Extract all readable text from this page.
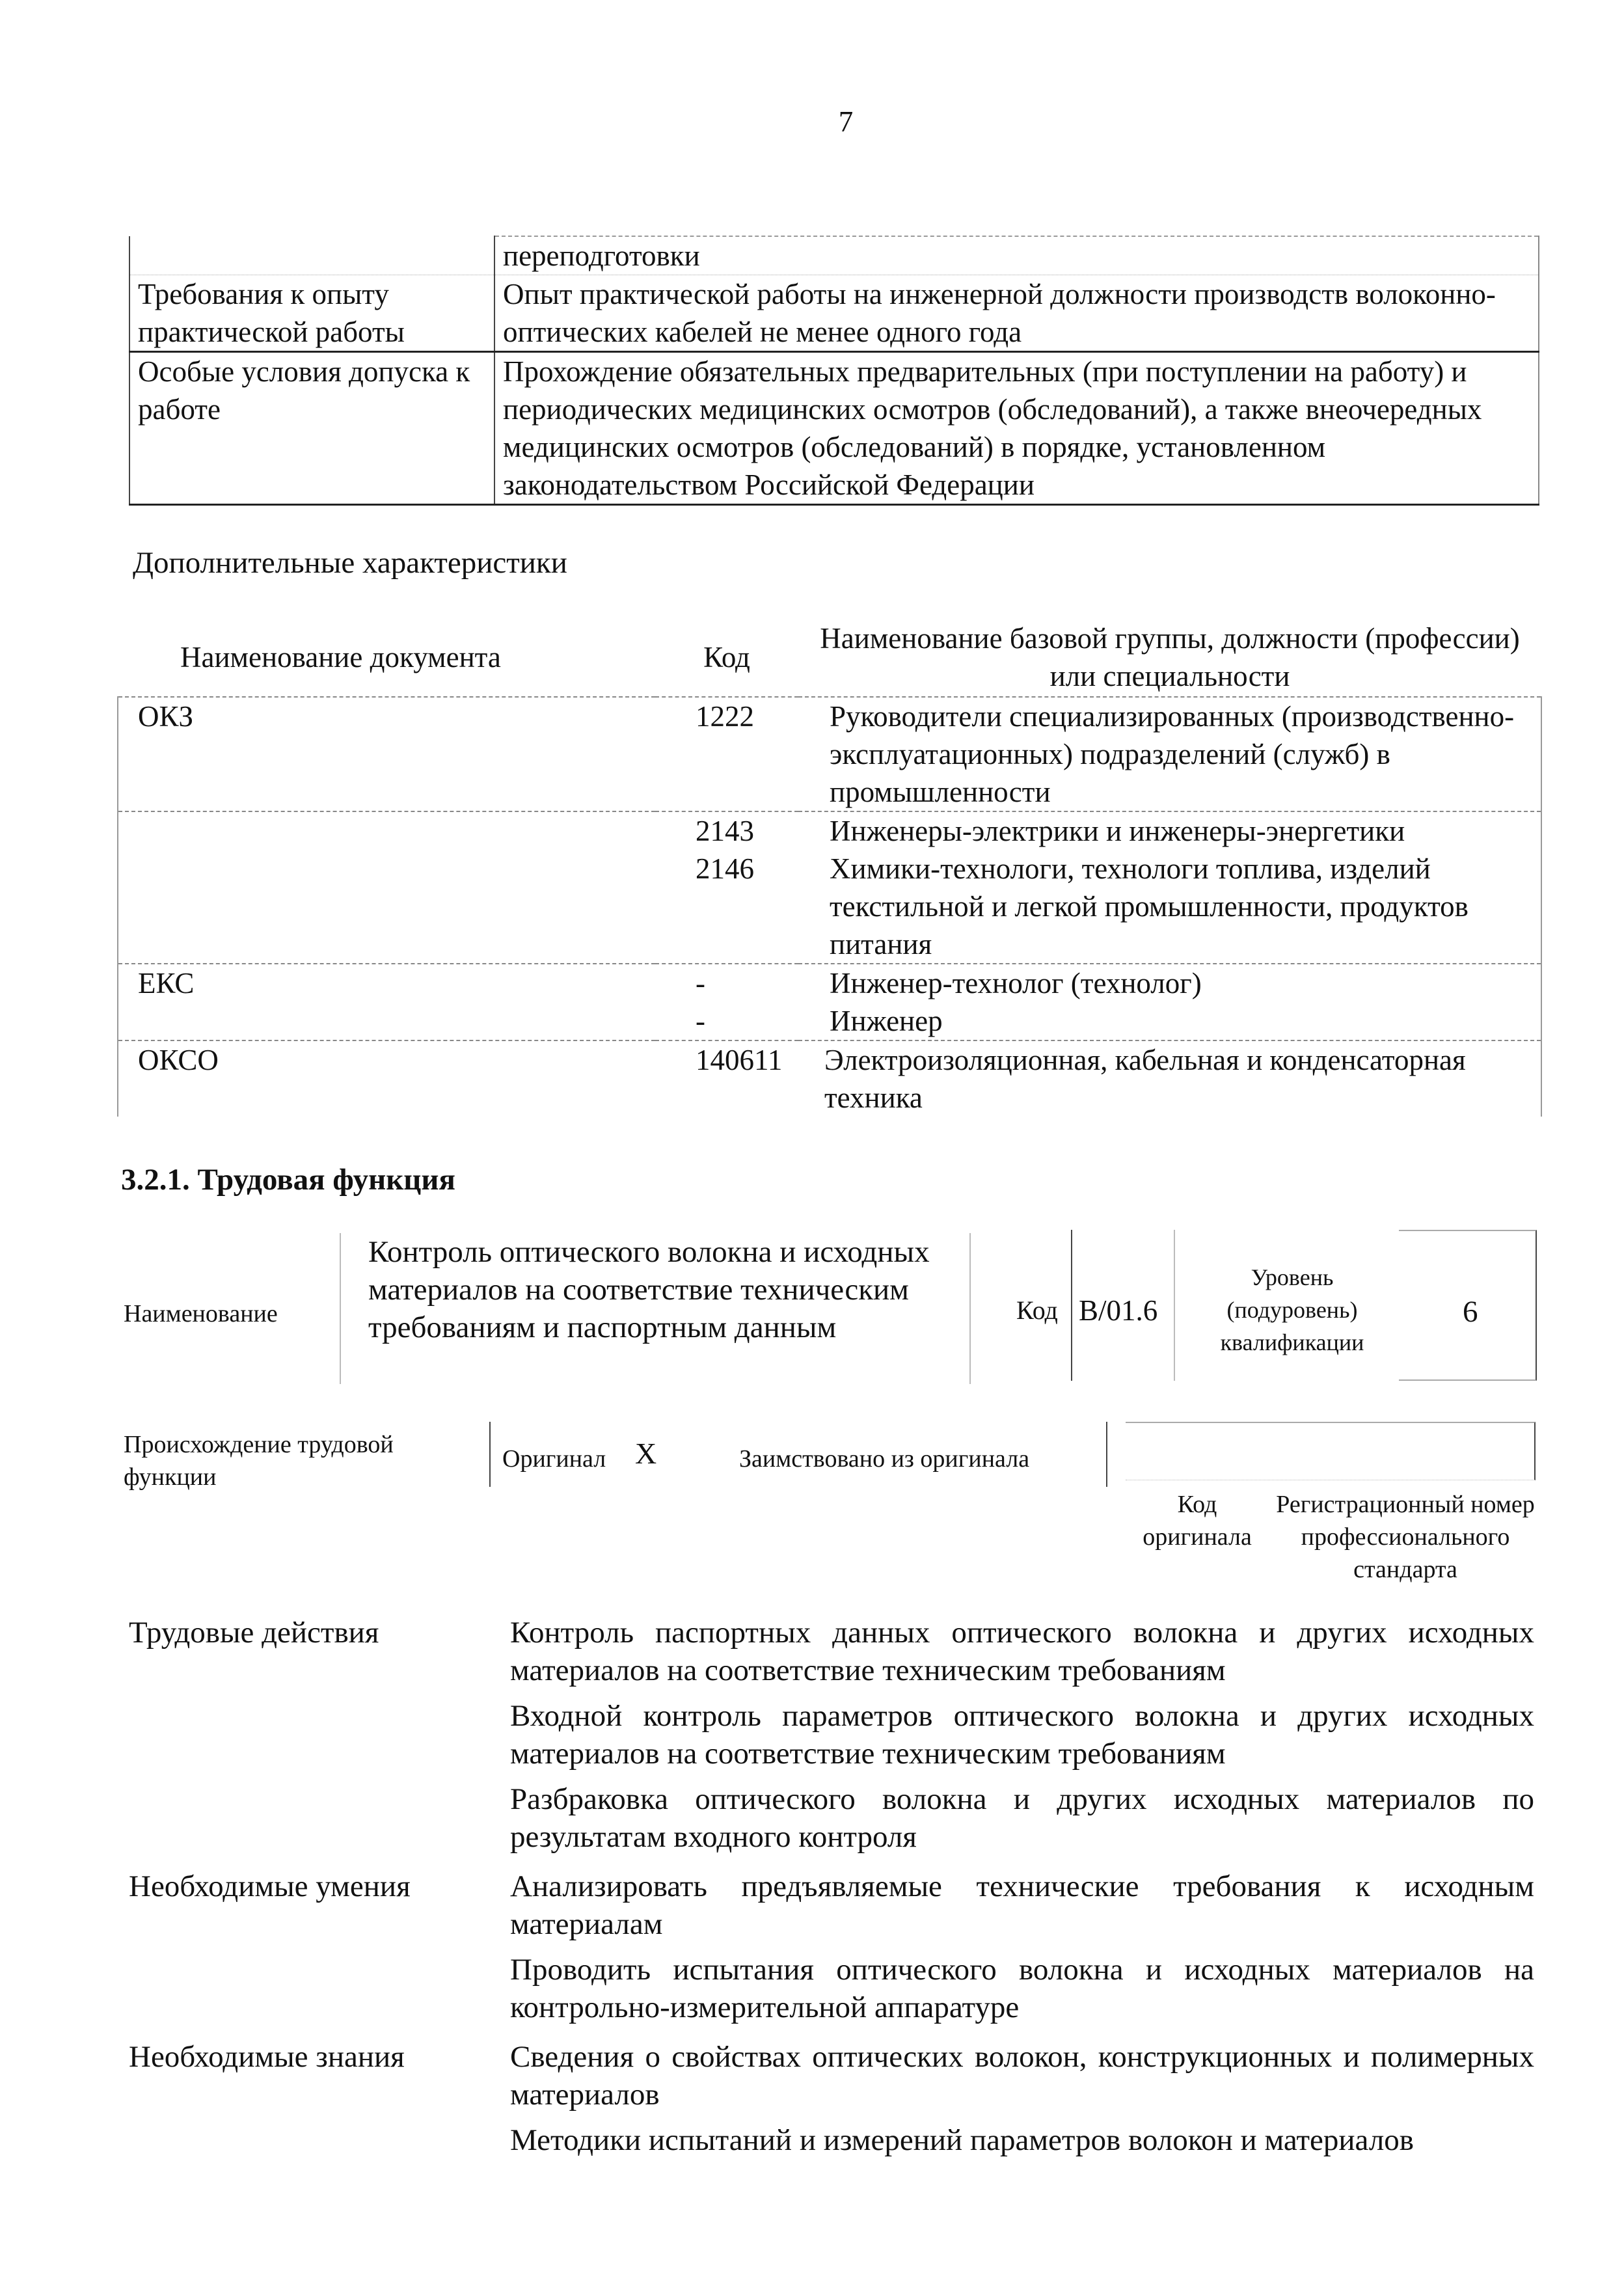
7
	переподготовки
Требования к опыту практической работы	Опыт практической работы на инженерной должности производств волоконно-оптических кабелей не менее одного года
Особые условия допуска к работе	Прохождение обязательных предварительных (при поступлении на работу) и периодических медицинских осмотров (обследований), а также внеочередных медицинских осмотров (обследований) в порядке, установленном законодательством Российской Федерации
Дополнительные характеристики
Наименование документа	Код	Наименование базовой группы, должности (профессии) или специальности
ОКЗ	1222	Руководители специализированных (производственно-эксплуатационных) подразделений (служб) в промышленности
	2143	Инженеры-электрики и инженеры-энергетики
	2146	Химики-технологи, технологи топлива, изделий текстильной и легкой промышленности, продуктов питания
ЕКС	-	Инженер-технолог (технолог)
	-	Инженер
ОКСО	140611	Электроизоляционная, кабельная и конденсаторная техника
3.2.1. Трудовая функция
Наименование
Контроль оптического волокна и исходных материалов на соответствие техническим требованиям и паспортным данным
Код В/01.6
Уровень (подуровень) квалификации
6
Происхождение трудовой функции
Оригинал X	Заимствовано из оригинала
Код оригинала
Регистрационный номер профессионального стандарта
Трудовые действия	Контроль паспортных данных оптического волокна и других исходных материалов на соответствие техническим требованиям
Входной контроль параметров оптического волокна и других исходных материалов на соответствие техническим требованиям
Разбраковка оптического волокна и других исходных материалов по результатам входного контроля
Необходимые умения	Анализировать предъявляемые технические требования к исходным материалам
Проводить испытания оптического волокна и исходных материалов на контрольно-измерительной аппаратуре
Необходимые знания	Сведения о свойствах оптических волокон, конструкционных и полимерных материалов
Методики испытаний и измерений параметров волокон и материалов
